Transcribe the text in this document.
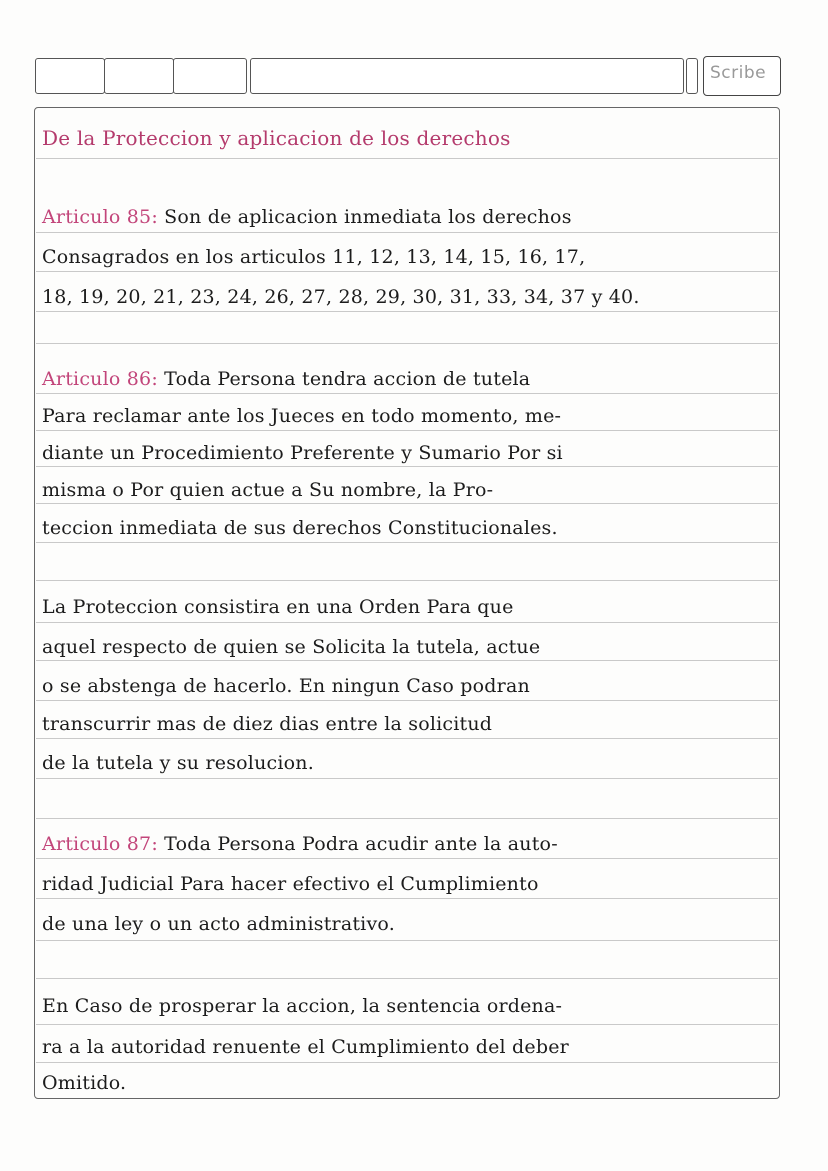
Scribe
De la Proteccion y aplicacion de los derechos
Articulo 85: Son de aplicacion inmediata los derechos
Consagrados en los articulos 11, 12, 13, 14, 15, 16, 17,
18, 19, 20, 21, 23, 24, 26, 27, 28, 29, 30, 31, 33, 34, 37 y 40.
Articulo 86: Toda Persona tendra accion de tutela
Para reclamar ante los Jueces en todo momento, me-
diante un Procedimiento Preferente y Sumario Por si
misma o Por quien actue a Su nombre, la Pro-
teccion inmediata de sus derechos Constitucionales.
La Proteccion consistira en una Orden Para que
aquel respecto de quien se Solicita la tutela, actue
o se abstenga de hacerlo. En ningun Caso podran
transcurrir mas de diez dias entre la solicitud
de la tutela y su resolucion.
Articulo 87: Toda Persona Podra acudir ante la auto-
ridad Judicial Para hacer efectivo el Cumplimiento
de una ley o un acto administrativo.
En Caso de prosperar la accion, la sentencia ordena-
ra a la autoridad renuente el Cumplimiento del deber
Omitido.
